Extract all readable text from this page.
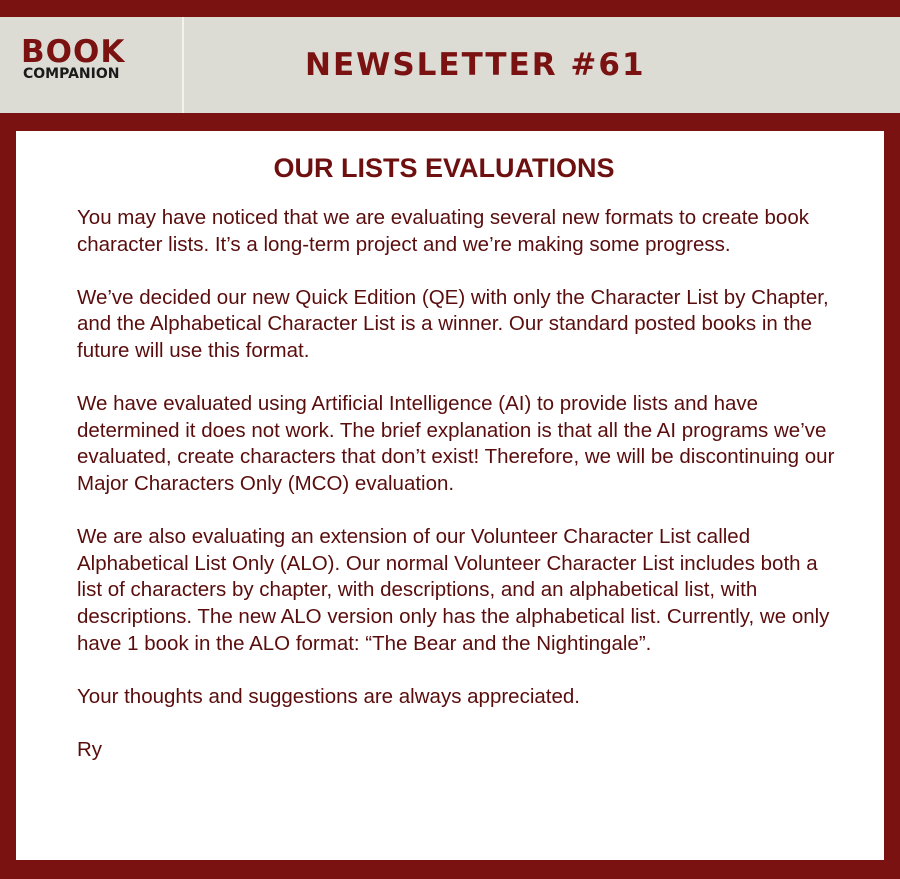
BOOK
COMPANION	NEWSLETTER #61
OUR LISTS EVALUATIONS

You may have noticed that we are evaluating several new formats to create book character lists. It’s a long-term project and we’re making some progress.

We’ve decided our new Quick Edition (QE) with only the Character List by Chapter, and the Alphabetical Character List is a winner. Our standard posted books in the future will use this format.

We have evaluated using Artificial Intelligence (AI) to provide lists and have determined it does not work. The brief explanation is that all the AI programs we’ve evaluated, create characters that don’t exist! Therefore, we will be discontinuing our Major Characters Only (MCO) evaluation.

We are also evaluating an extension of our Volunteer Character List called Alphabetical List Only (ALO). Our normal Volunteer Character List includes both a list of characters by chapter, with descriptions, and an alphabetical list, with descriptions. The new ALO version only has the alphabetical list. Currently, we only have 1 book in the ALO format: “The Bear and the Nightingale”.

Your thoughts and suggestions are always appreciated.

Ry
